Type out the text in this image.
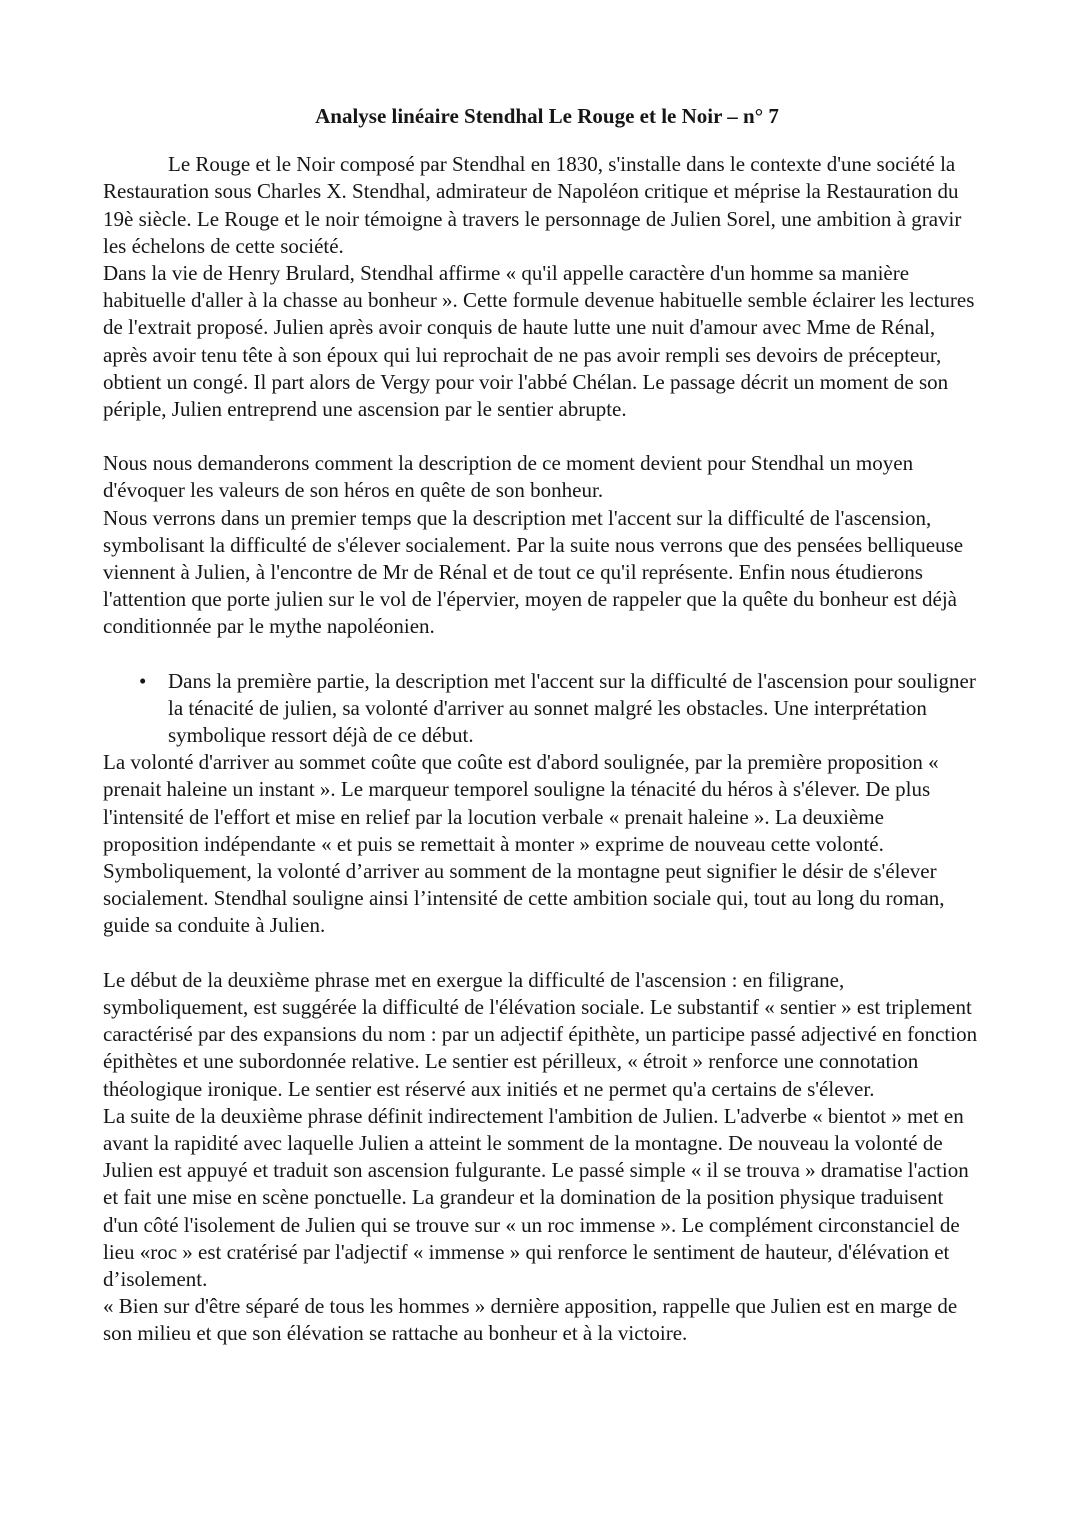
Analyse linéaire Stendhal Le Rouge et le Noir – n° 7

Le Rouge et le Noir composé par Stendhal en 1830, s'installe dans le contexte d'une société la Restauration sous Charles X. Stendhal, admirateur de Napoléon critique et méprise la Restauration du 19è siècle. Le Rouge et le noir témoigne à travers le personnage de Julien Sorel, une ambition à gravir les échelons de cette société.

Dans la vie de Henry Brulard, Stendhal affirme « qu'il appelle caractère d'un homme sa manière habituelle d'aller à la chasse au bonheur ». Cette formule devenue habituelle semble éclairer les lectures de l'extrait proposé. Julien après avoir conquis de haute lutte une nuit d'amour avec Mme de Rénal, après avoir tenu tête à son époux qui lui reprochait de ne pas avoir rempli ses devoirs de précepteur, obtient un congé. Il part alors de Vergy pour voir l'abbé Chélan. Le passage décrit un moment de son périple, Julien entreprend une ascension par le sentier abrupte.

Nous nous demanderons comment la description de ce moment devient pour Stendhal un moyen d'évoquer les valeurs de son héros en quête de son bonheur.

Nous verrons dans un premier temps que la description met l'accent sur la difficulté de l'ascension, symbolisant la difficulté de s'élever socialement. Par la suite nous verrons que des pensées belliqueuse viennent à Julien, à l'encontre de Mr de Rénal et de tout ce qu'il représente. Enfin nous étudierons l'attention que porte julien sur le vol de l'épervier, moyen de rappeler que la quête du bonheur est déjà conditionnée par le mythe napoléonien.

• Dans la première partie, la description met l'accent sur la difficulté de l'ascension pour souligner la ténacité de julien, sa volonté d'arriver au sonnet malgré les obstacles. Une interprétation symbolique ressort déjà de ce début.

La volonté d'arriver au sommet coûte que coûte est d'abord soulignée, par la première proposition « prenait haleine un instant ». Le marqueur temporel souligne la ténacité du héros à s'élever. De plus l'intensité de l'effort et mise en relief par la locution verbale « prenait haleine ». La deuxième proposition indépendante « et puis se remettait à monter » exprime de nouveau cette volonté. Symboliquement, la volonté d’arriver au somment de la montagne peut signifier le désir de s'élever socialement. Stendhal souligne ainsi l’intensité de cette ambition sociale qui, tout au long du roman, guide sa conduite à Julien.

Le début de la deuxième phrase met en exergue la difficulté de l'ascension : en filigrane, symboliquement, est suggérée la difficulté de l'élévation sociale. Le substantif « sentier » est triplement caractérisé par des expansions du nom : par un adjectif épithète, un participe passé adjectivé en fonction épithètes et une subordonnée relative. Le sentier est périlleux, « étroit » renforce une connotation théologique ironique. Le sentier est réservé aux initiés et ne permet qu'a certains de s'élever.

La suite de la deuxième phrase définit indirectement l'ambition de Julien. L'adverbe « bientot » met en avant la rapidité avec laquelle Julien a atteint le somment de la montagne. De nouveau la volonté de Julien est appuyé et traduit son ascension fulgurante. Le passé simple « il se trouva » dramatise l'action et fait une mise en scène ponctuelle. La grandeur et la domination de la position physique traduisent d'un côté l'isolement de Julien qui se trouve sur « un roc immense ». Le complément circonstanciel de lieu «roc » est cratérisé par l'adjectif « immense » qui renforce le sentiment de hauteur, d'élévation et d’isolement.

« Bien sur d'être séparé de tous les hommes » dernière apposition, rappelle que Julien est en marge de son milieu et que son élévation se rattache au bonheur et à la victoire.
